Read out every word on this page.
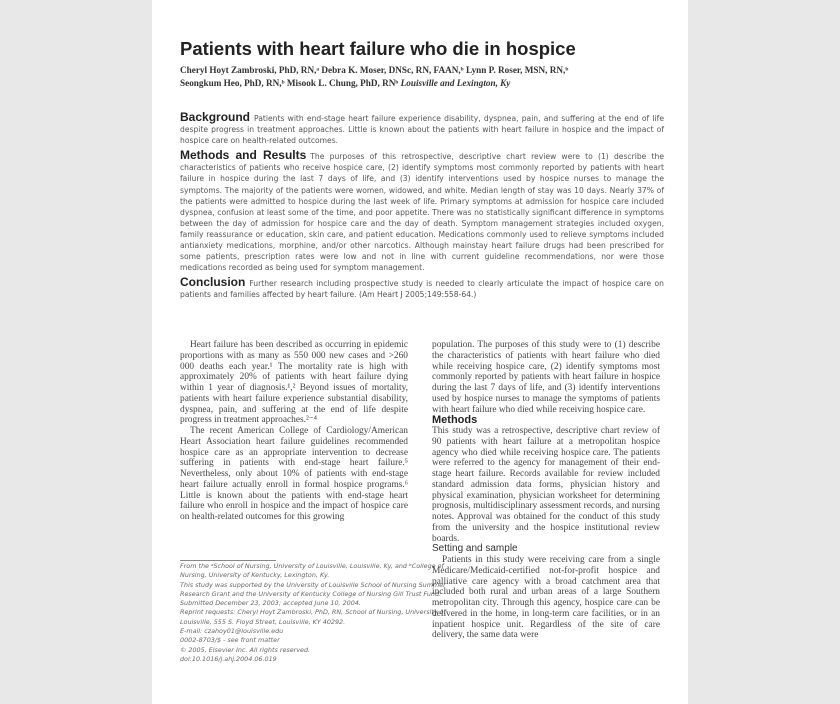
Patients with heart failure who die in hospice
Cheryl Hoyt Zambroski, PhD, RN,ᵃ Debra K. Moser, DNSc, RN, FAAN,ᵇ Lynn P. Roser, MSN, RN,ᵇ
Seongkum Heo, PhD, RN,ᵇ Misook L. Chung, PhD, RNᵇ Louisville and Lexington, Ky

Background Patients with end-stage heart failure experience disability, dyspnea, pain, and suffering at the end of life despite progress in treatment approaches. Little is known about the patients with heart failure in hospice and the impact of hospice care on health-related outcomes.

Methods and Results The purposes of this retrospective, descriptive chart review were to (1) describe the characteristics of patients who receive hospice care, (2) identify symptoms most commonly reported by patients with heart failure in hospice during the last 7 days of life, and (3) identify interventions used by hospice nurses to manage the symptoms. The majority of the patients were women, widowed, and white. Median length of stay was 10 days. Nearly 37% of the patients were admitted to hospice during the last week of life. Primary symptoms at admission for hospice care included dyspnea, confusion at least some of the time, and poor appetite. There was no statistically significant difference in symptoms between the day of admission for hospice care and the day of death. Symptom management strategies included oxygen, family reassurance or education, skin care, and patient education. Medications commonly used to relieve symptoms included antianxiety medications, morphine, and/or other narcotics. Although mainstay heart failure drugs had been prescribed for some patients, prescription rates were low and not in line with current guideline recommendations, nor were those medications recorded as being used for symptom management.

Conclusion Further research including prospective study is needed to clearly articulate the impact of hospice care on patients and families affected by heart failure. (Am Heart J 2005;149:558-64.)

Heart failure has been described as occurring in epidemic proportions with as many as 550 000 new cases and >260 000 deaths each year.¹ The mortality rate is high with approximately 20% of patients with heart failure dying within 1 year of diagnosis.¹,² Beyond issues of mortality, patients with heart failure experience substantial disability, dyspnea, pain, and suffering at the end of life despite progress in treatment approaches.²⁻⁴

The recent American College of Cardiology/American Heart Association heart failure guidelines recommended hospice care as an appropriate intervention to decrease suffering in patients with end-stage heart failure.⁵ Nevertheless, only about 10% of patients with end-stage heart failure actually enroll in formal hospice programs.⁶ Little is known about the patients with end-stage heart failure who enroll in hospice and the impact of hospice care on health-related outcomes for this growing

From the ᵃSchool of Nursing, University of Louisville, Louisville, Ky, and ᵇCollege of
Nursing, University of Kentucky, Lexington, Ky.
This study was supported by the University of Louisville School of Nursing Summer
Research Grant and the University of Kentucky College of Nursing Gill Trust Fund.
Submitted December 23, 2003; accepted June 10, 2004.
Reprint requests: Cheryl Hoyt Zambroski, PhD, RN, School of Nursing, University of
Louisville, 555 S. Floyd Street, Louisville, KY 40292.
E-mail: czahoy01@louisville.edu
0002-8703/$ - see front matter
© 2005, Elsevier Inc. All rights reserved.
doi:10.1016/j.ahj.2004.06.019

population. The purposes of this study were to (1) describe the characteristics of patients with heart failure who died while receiving hospice care, (2) identify symptoms most commonly reported by patients with heart failure in hospice during the last 7 days of life, and (3) identify interventions used by hospice nurses to manage the symptoms of patients with heart failure who died while receiving hospice care.

Methods

This study was a retrospective, descriptive chart review of 90 patients with heart failure at a metropolitan hospice agency who died while receiving hospice care. The patients were referred to the agency for management of their end-stage heart failure. Records available for review included standard admission data forms, physician history and physical examination, physician worksheet for determining prognosis, multidisciplinary assessment records, and nursing notes. Approval was obtained for the conduct of this study from the university and the hospice institutional review boards.

Setting and sample

Patients in this study were receiving care from a single Medicare/Medicaid-certified not-for-profit hospice and palliative care agency with a broad catchment area that included both rural and urban areas of a large Southern metropolitan city. Through this agency, hospice care can be delivered in the home, in long-term care facilities, or in an inpatient hospice unit. Regardless of the site of care delivery, the same data were
